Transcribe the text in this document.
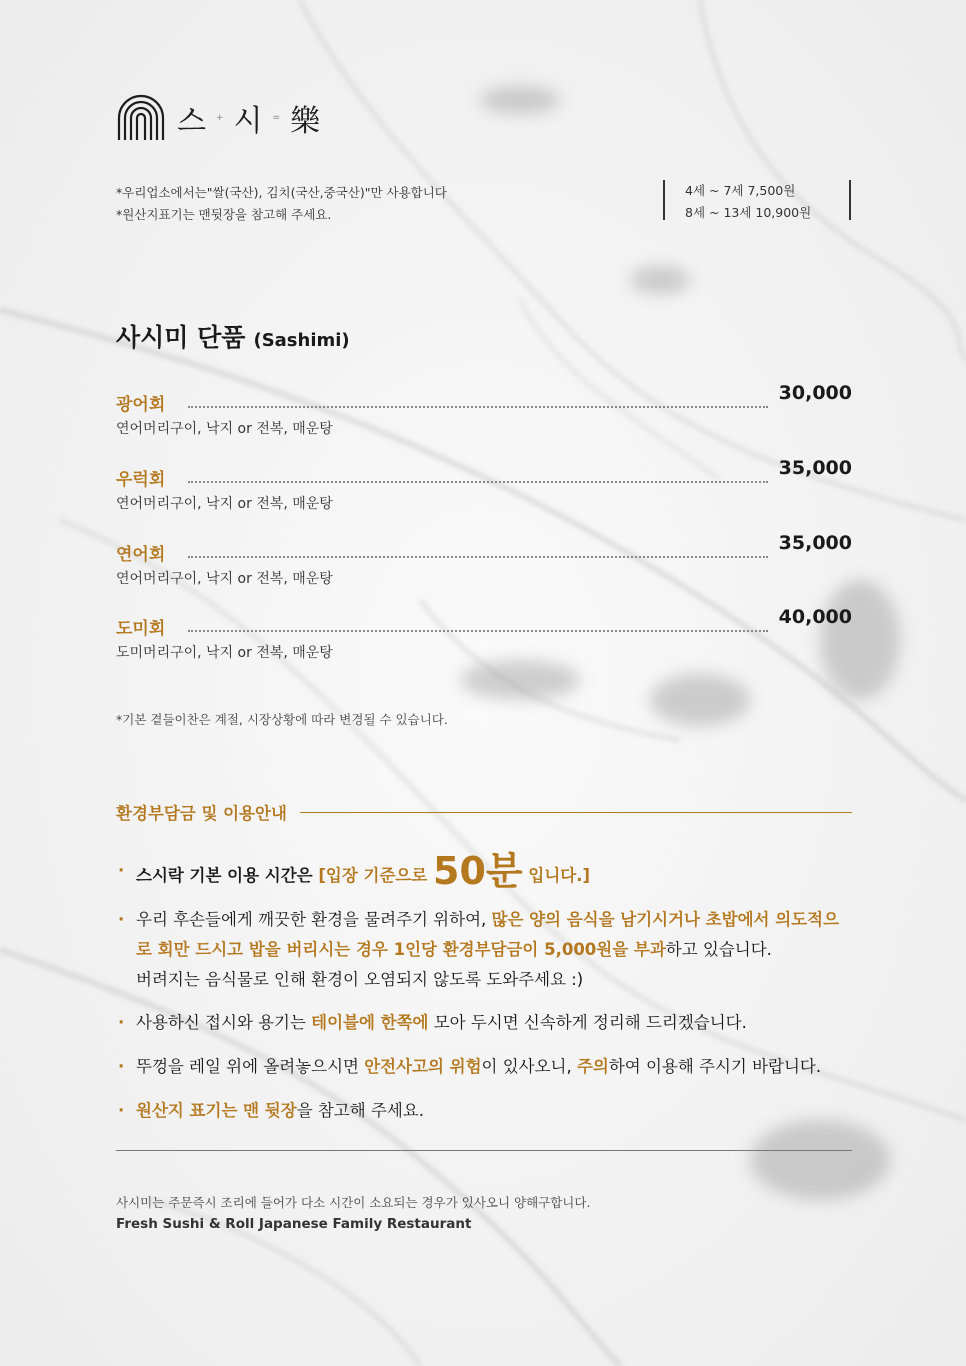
스 + 시 = 樂
*우리업소에서는"쌀(국산), 김치(국산,중국산)"만 사용합니다
*원산지표기는 맨뒷장을 참고해 주세요.
4세 ~ 7세 7,500원
8세 ~ 13세 10,900원
사시미 단품 (Sashimi)
광어회
30,000
연어머리구이, 낙지 or 전복, 매운탕
우럭회
35,000
연어머리구이, 낙지 or 전복, 매운탕
연어회
35,000
연어머리구이, 낙지 or 전복, 매운탕
도미회
40,000
도미머리구이, 낙지 or 전복, 매운탕
*기본 곁들이찬은 계절, 시장상황에 따라 변경될 수 있습니다.
환경부담금 및 이용안내
· 스시락 기본 이용 시간은 [입장 기준으로 50분 입니다.]
· 우리 후손들에게 깨끗한 환경을 물려주기 위하여, 많은 양의 음식을 남기시거나 초밥에서 의도적으로 회만 드시고 밥을 버리시는 경우 1인당 환경부담금이 5,000원을 부과하고 있습니다.
버려지는 음식물로 인해 환경이 오염되지 않도록 도와주세요 :)
· 사용하신 접시와 용기는 테이블에 한쪽에 모아 두시면 신속하게 정리해 드리겠습니다.
· 뚜껑을 레일 위에 올려놓으시면 안전사고의 위험이 있사오니, 주의하여 이용해 주시기 바랍니다.
· 원산지 표기는 맨 뒷장을 참고해 주세요.
사시미는 주문즉시 조리에 들어가 다소 시간이 소요되는 경우가 있사오니 양해구합니다.
Fresh Sushi & Roll Japanese Family Restaurant
